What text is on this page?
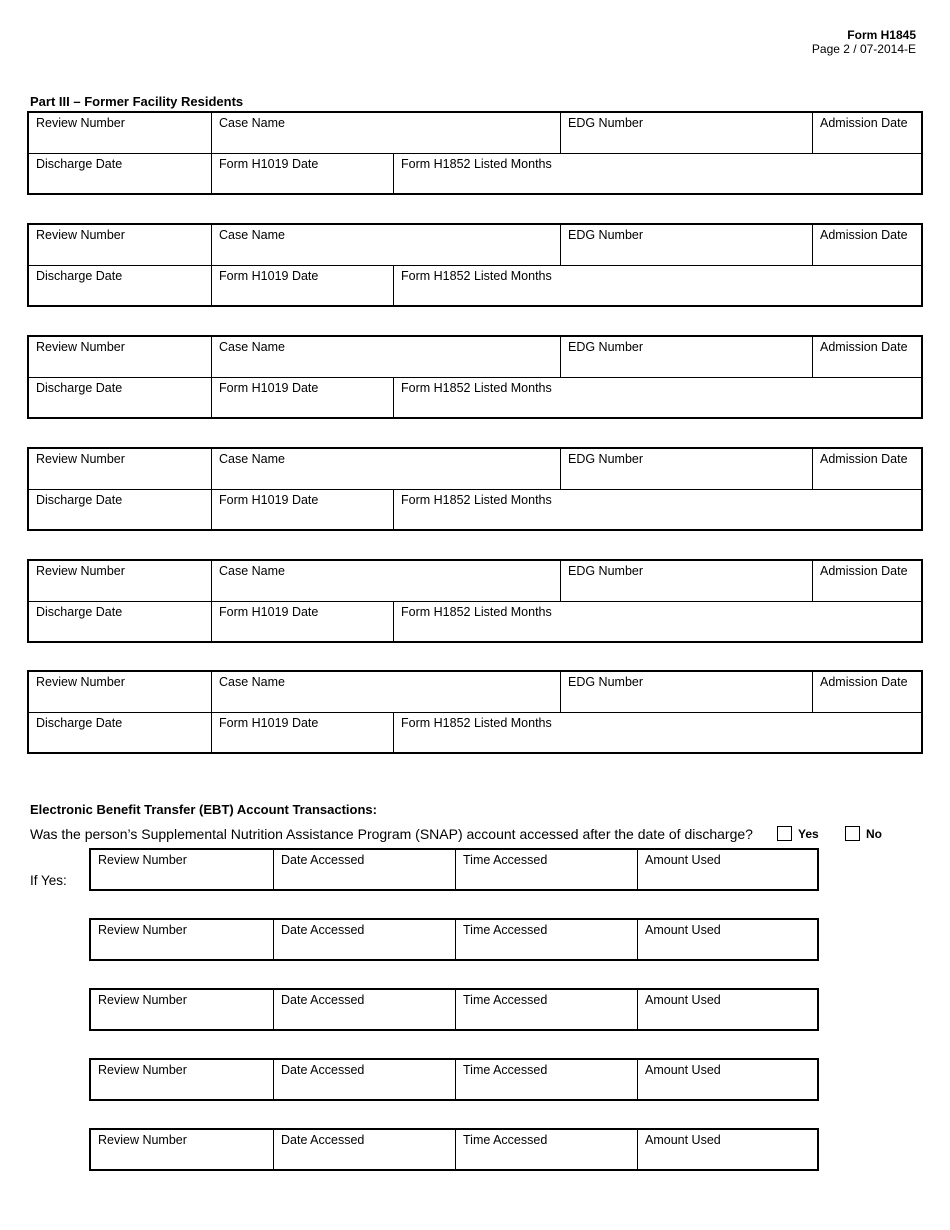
Form H1845
Page 2 / 07-2014-E
Part III – Former Facility Residents
Review Number	Case Name	EDG Number	Admission Date
Discharge Date	Form H1019 Date	Form H1852 Listed Months
Review Number	Case Name	EDG Number	Admission Date
Discharge Date	Form H1019 Date	Form H1852 Listed Months
Review Number	Case Name	EDG Number	Admission Date
Discharge Date	Form H1019 Date	Form H1852 Listed Months
Review Number	Case Name	EDG Number	Admission Date
Discharge Date	Form H1019 Date	Form H1852 Listed Months
Review Number	Case Name	EDG Number	Admission Date
Discharge Date	Form H1019 Date	Form H1852 Listed Months
Review Number	Case Name	EDG Number	Admission Date
Discharge Date	Form H1019 Date	Form H1852 Listed Months
Electronic Benefit Transfer (EBT) Account Transactions:
Was the person’s Supplemental Nutrition Assistance Program (SNAP) account accessed after the date of discharge?	Yes	No
If Yes:
Review Number	Date Accessed	Time Accessed	Amount Used
Review Number	Date Accessed	Time Accessed	Amount Used
Review Number	Date Accessed	Time Accessed	Amount Used
Review Number	Date Accessed	Time Accessed	Amount Used
Review Number	Date Accessed	Time Accessed	Amount Used
